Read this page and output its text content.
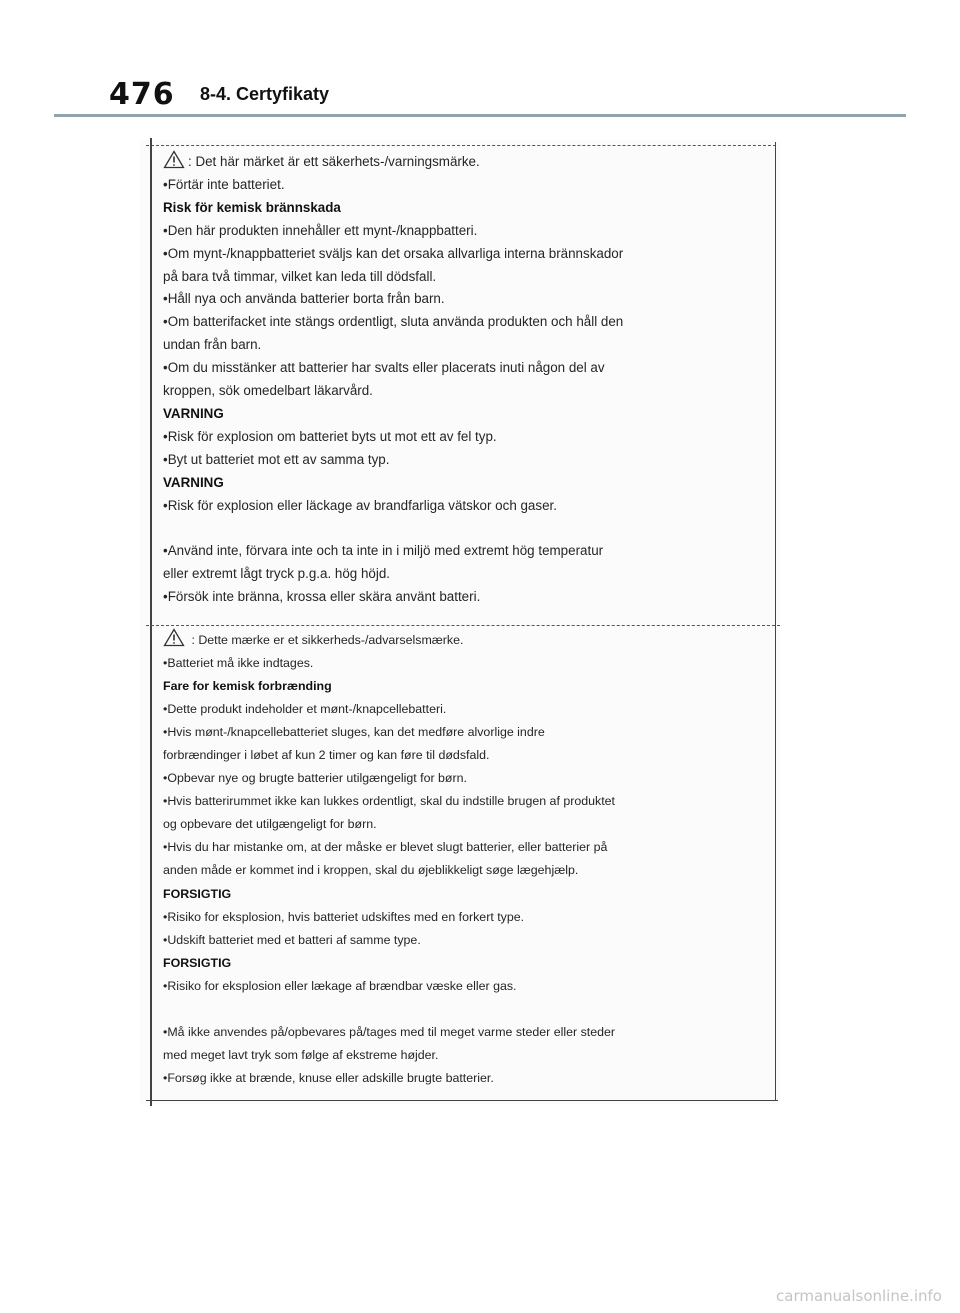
476 8-4. Certyfikaty
: Det här märket är ett säkerhets-/varningsmärke.
•Förtär inte batteriet.
Risk för kemisk brännskada
•Den här produkten innehåller ett mynt-/knappbatteri.
•Om mynt-/knappbatteriet sväljs kan det orsaka allvarliga interna brännskador
på bara två timmar, vilket kan leda till dödsfall.
•Håll nya och använda batterier borta från barn.
•Om batterifacket inte stängs ordentligt, sluta använda produkten och håll den
undan från barn.
•Om du misstänker att batterier har svalts eller placerats inuti någon del av
kroppen, sök omedelbart läkarvård.
VARNING
•Risk för explosion om batteriet byts ut mot ett av fel typ.
•Byt ut batteriet mot ett av samma typ.
VARNING
•Risk för explosion eller läckage av brandfarliga vätskor och gaser.
•Använd inte, förvara inte och ta inte in i miljö med extremt hög temperatur
eller extremt lågt tryck p.g.a. hög höjd.
•Försök inte bränna, krossa eller skära använt batteri.
: Dette mærke er et sikkerheds-/advarselsmærke.
•Batteriet må ikke indtages.
Fare for kemisk forbrænding
•Dette produkt indeholder et mønt-/knapcellebatteri.
•Hvis mønt-/knapcellebatteriet sluges, kan det medføre alvorlige indre
forbrændinger i løbet af kun 2 timer og kan føre til dødsfald.
•Opbevar nye og brugte batterier utilgængeligt for børn.
•Hvis batterirummet ikke kan lukkes ordentligt, skal du indstille brugen af produktet
og opbevare det utilgængeligt for børn.
•Hvis du har mistanke om, at der måske er blevet slugt batterier, eller batterier på
anden måde er kommet ind i kroppen, skal du øjeblikkeligt søge lægehjælp.
FORSIGTIG
•Risiko for eksplosion, hvis batteriet udskiftes med en forkert type.
•Udskift batteriet med et batteri af samme type.
FORSIGTIG
•Risiko for eksplosion eller lækage af brændbar væske eller gas.
•Må ikke anvendes på/opbevares på/tages med til meget varme steder eller steder
med meget lavt tryk som følge af ekstreme højder.
•Forsøg ikke at brænde, knuse eller adskille brugte batterier.
carmanualsonline.info
